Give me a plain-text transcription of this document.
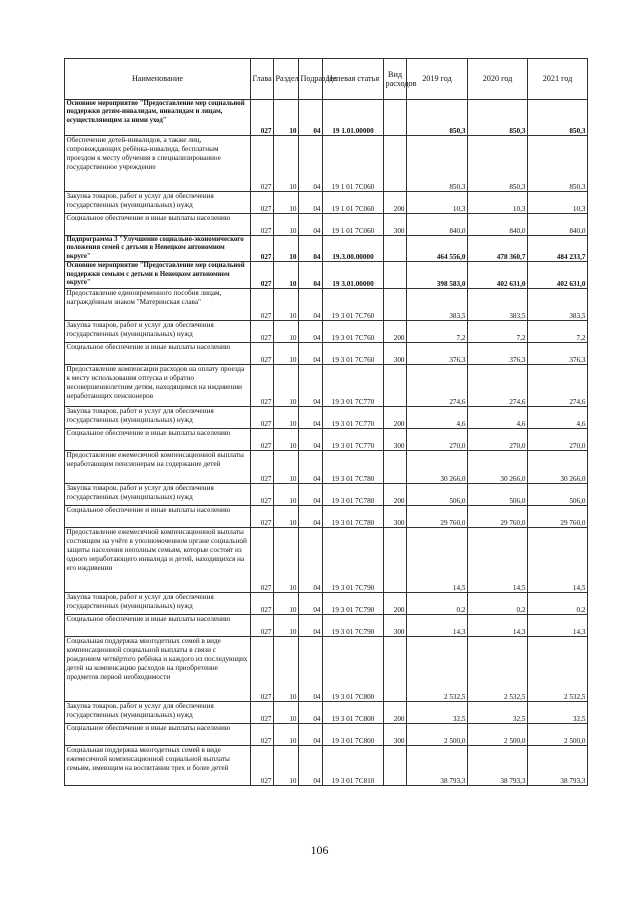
Наименование	Глава	Раздел	Подраздел	Целевая статья	Вид расходов	2019 год	2020 год	2021 год
Основное мероприятие "Предоставление мер социальной поддержки детям-инвалидам, инвалидам и лицам, осуществляющим за ними уход"	027	10	04	19 1.01.00000		850,3	850,3	850,3
Обеспечение детей-инвалидов, а также лиц, сопровождающих ребёнка-инвалида, бесплатным проездом к месту обучения в специализированное государственное учреждение	027	10	04	19 1 01 7С060		850,3	850,3	850,3
Закупка товаров, работ и услуг для обеспечения государственных (муниципальных) нужд	027	10	04	19 1 01 7С060	200	10,3	10,3	10,3
Социальное обеспечение и иные выплаты населению	027	10	04	19 1 01 7С060	300	840,0	840,0	840,0
Подпрограмма 3 "Улучшение социально-экономического положения семей с детьми в Ненецком автономном округе"	027	10	04	19.3.00.00000		464 556,0	478 360,7	484 233,7
Основное мероприятие "Предоставление мер социальной поддержки семьям с детьми в Ненецком автономном округе"	027	10	04	19 3.01.00000		398 583,0	402 631,0	402 631,0
Предоставление единовременного пособия лицам, награждённым знаком "Материнская слава"	027	10	04	19 3 01 7С760		383,5	383,5	383,5
Закупка товаров, работ и услуг для обеспечения государственных (муниципальных) нужд	027	10	04	19 3 01 7С760	200	7,2	7,2	7,2
Социальное обеспечение и иные выплаты населению	027	10	04	19 3 01 7С760	300	376,3	376,3	376,3
Предоставление компенсации расходов на оплату проезда к месту использования отпуска и обратно несовершеннолетним детям, находящимся на иждивении неработающих пенсионеров	027	10	04	19 3 01 7С770		274,6	274,6	274,6
Закупка товаров, работ и услуг для обеспечения государственных (муниципальных) нужд	027	10	04	19 3 01 7С770	200	4,6	4,6	4,6
Социальное обеспечение и иные выплаты населению	027	10	04	19 3 01 7С770	300	270,0	270,0	270,0
Предоставление ежемесячной компенсационной выплаты неработающим пенсионерам на содержание детей	027	10	04	19 3 01 7С780		30 266,0	30 266,0	30 266,0
Закупка товаров, работ и услуг для обеспечения государственных (муниципальных) нужд	027	10	04	19 3 01 7С780	200	506,0	506,0	506,0
Социальное обеспечение и иные выплаты населению	027	10	04	19 3 01 7С780	300	29 760,0	29 760,0	29 760,0
Предоставление ежемесячной компенсационной выплаты состоящим на учёте в уполномоченном органе социальной защиты населения неполным семьям, которые состоят из одного неработающего инвалида и детей, находящихся на его иждивении	027	10	04	19 3 01 7С790		14,5	14,5	14,5
Закупка товаров, работ и услуг для обеспечения государственных (муниципальных) нужд	027	10	04	19 3 01 7С790	200	0,2	0,2	0,2
Социальное обеспечение и иные выплаты населению	027	10	04	19 3 01 7С790	300	14,3	14,3	14,3
Социальная поддержка многодетных семей в виде компенсационной социальной выплаты в связи с рождением четвёртого ребёнка и каждого из последующих детей на компенсацию расходов на приобретение предметов первой необходимости	027	10	04	19 3 01 7С800		2 532,5	2 532,5	2 532,5
Закупка товаров, работ и услуг для обеспечения государственных (муниципальных) нужд	027	10	04	19 3 01 7С800	200	32,5	32,5	32,5
Социальное обеспечение и иные выплаты населению	027	10	04	19 3 01 7С800	300	2 500,0	2 500,0	2 500,0
Социальная поддержка многодетных семей в виде ежемесячной компенсационной социальной выплаты семьям, имеющим на воспитании трех и более детей	027	10	04	19 3 01 7С810		38 793,3	38 793,3	38 793,3
106
